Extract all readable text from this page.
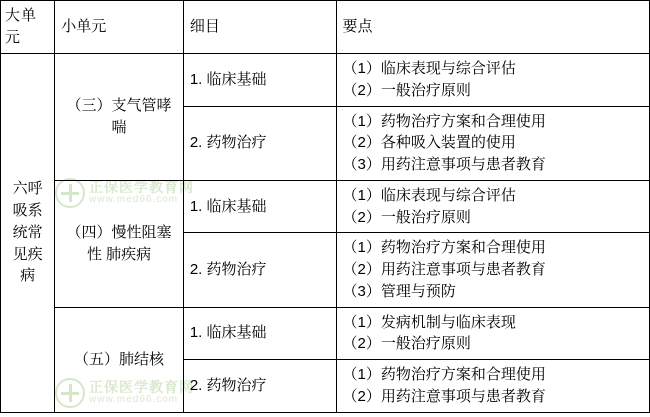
正保医学教育网
www.med66.com
正保医学教育网
www.med66.com
大单元	小单元	细目	要点
六呼吸系统常见疾病	（三）支气管哮喘	1. 临床基础	（1）临床表现与综合评估
（2）一般治疗原则

		2. 药物治疗	（1）药物治疗方案和合理使用
（2）各种吸入装置的使用
（3）用药注意事项与患者教育

	（四）慢性阻塞性 肺疾病	1. 临床基础	（1）临床表现与综合评估
（2）一般治疗原则

		2. 药物治疗	（1）药物治疗方案和合理使用
（2）用药注意事项与患者教育
（3）管理与预防

	（五）肺结核	1. 临床基础	（1）发病机制与临床表现
（2）一般治疗原则

		2. 药物治疗	（1）药物治疗方案和合理使用
（2）用药注意事项与患者教育
